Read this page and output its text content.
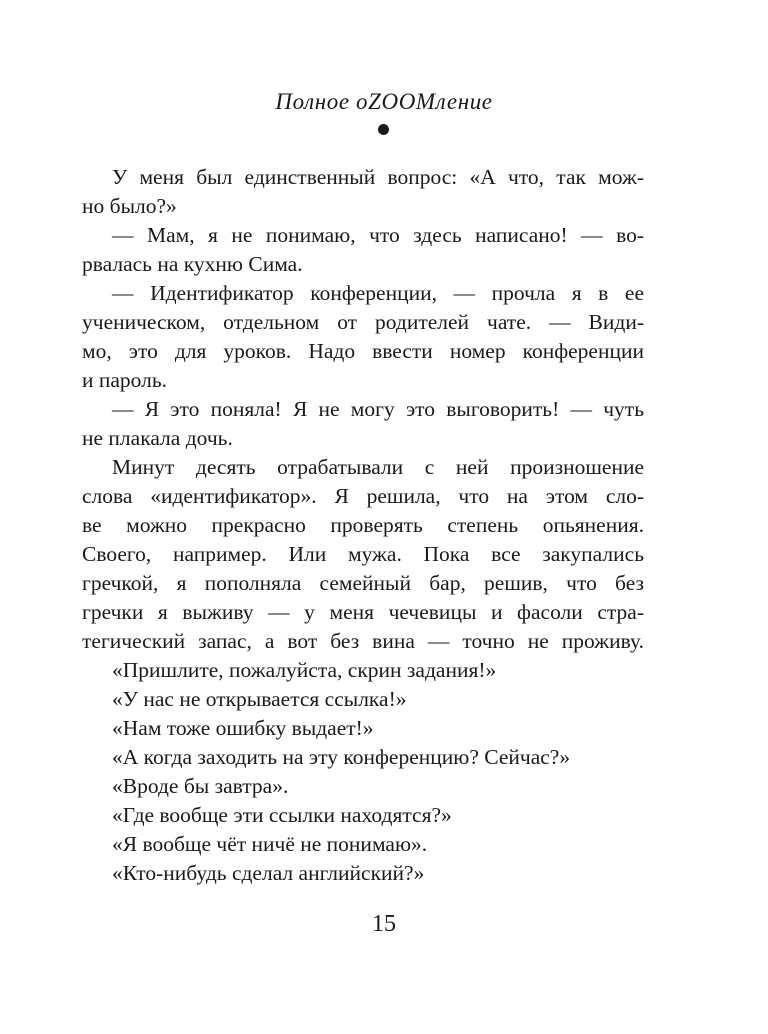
Полное oZOOMление
У меня был единственный вопрос: «А что, так мож-
но было?»
— Мам, я не понимаю, что здесь написано! — во-
рвалась на кухню Сима.
— Идентификатор конференции, — прочла я в ее
ученическом, отдельном от родителей чате. — Види-
мо, это для уроков. Надо ввести номер конференции
и пароль.
— Я это поняла! Я не могу это выговорить! — чуть
не плакала дочь.
Минут десять отрабатывали с ней произношение
слова «идентификатор». Я решила, что на этом сло-
ве можно прекрасно проверять степень опьянения.
Своего, например. Или мужа. Пока все закупались
гречкой, я пополняла семейный бар, решив, что без
гречки я выживу — у меня чечевицы и фасоли стра-
тегический запас, а вот без вина — точно не проживу.
«Пришлите, пожалуйста, скрин задания!»
«У нас не открывается ссылка!»
«Нам тоже ошибку выдает!»
«А когда заходить на эту конференцию? Сейчас?»
«Вроде бы завтра».
«Где вообще эти ссылки находятся?»
«Я вообще чёт ничё не понимаю».
«Кто-нибудь сделал английский?»
15
